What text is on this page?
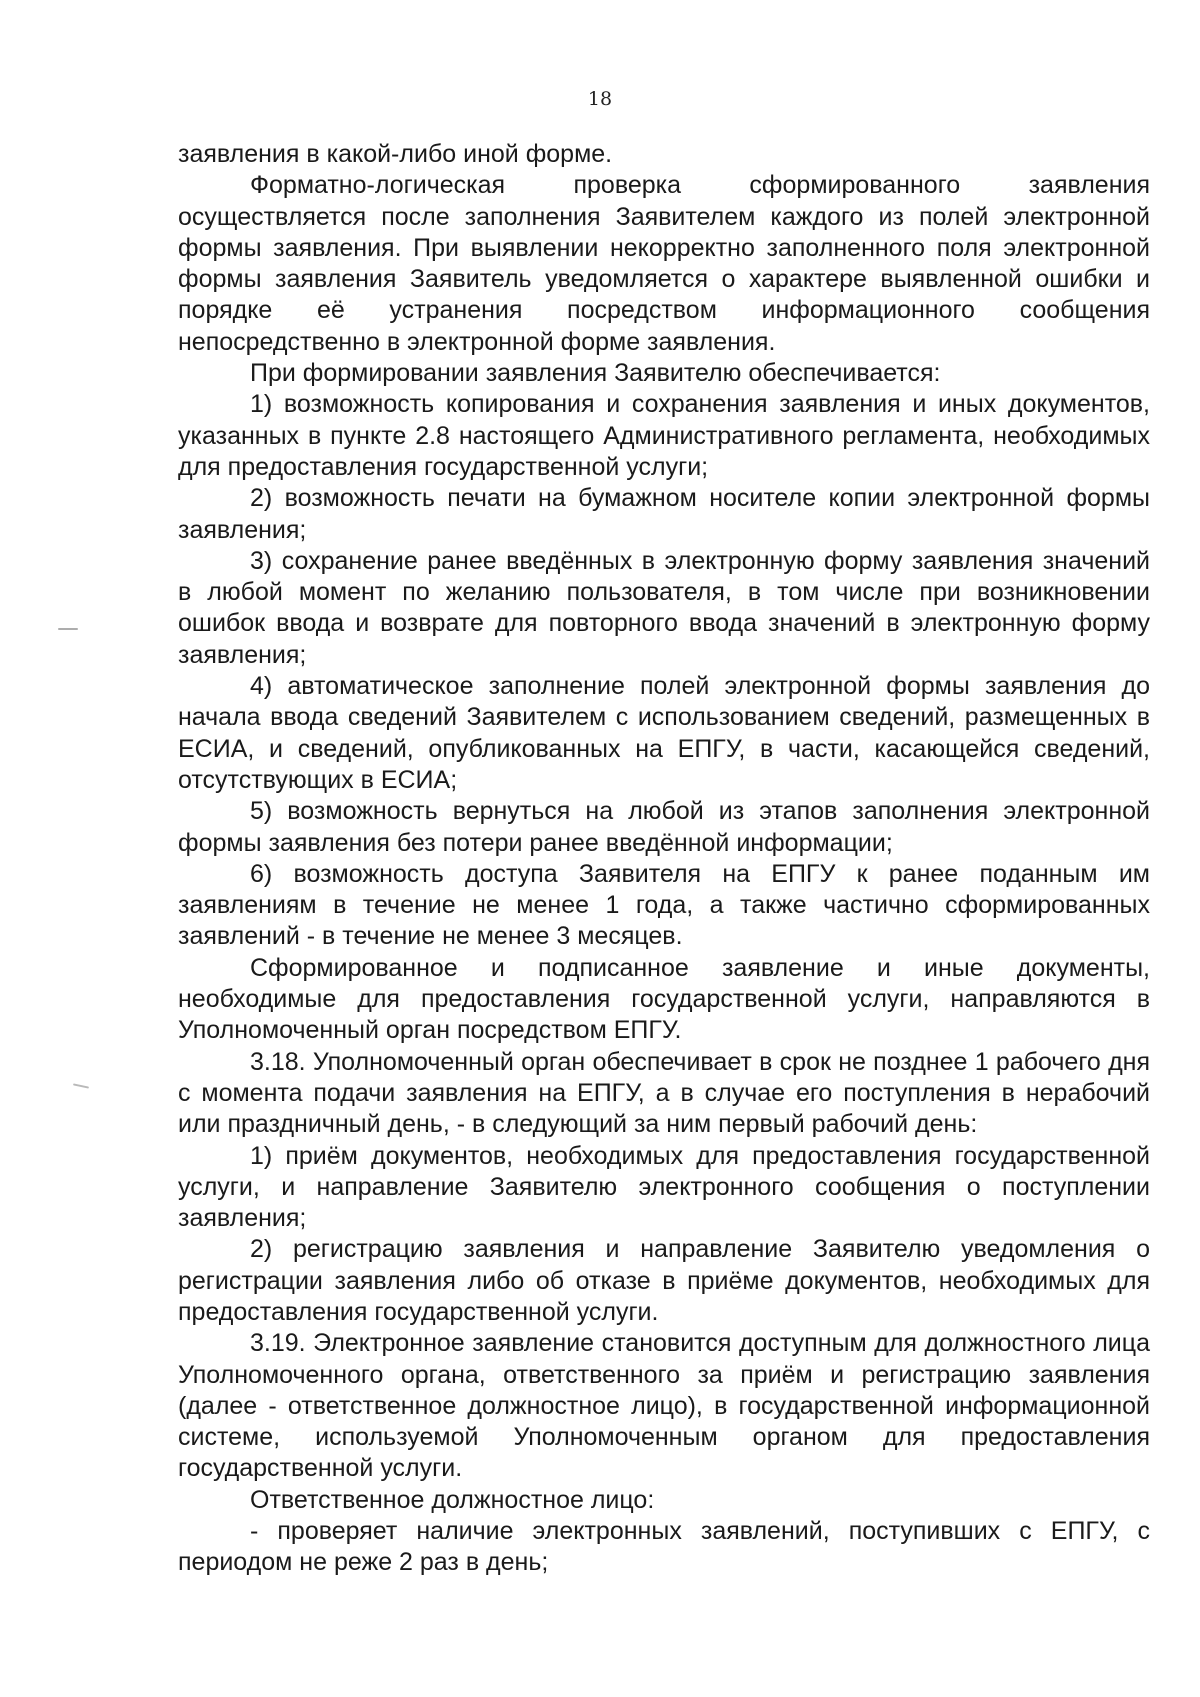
18

заявления в какой-либо иной форме.

Форматно-логическая проверка сформированного заявления осуществляется после заполнения Заявителем каждого из полей электронной формы заявления. При выявлении некорректно заполненного поля электронной формы заявления Заявитель уведомляется о характере выявленной ошибки и порядке её устранения посредством информационного сообщения непосредственно в электронной форме заявления.

При формировании заявления Заявителю обеспечивается:

1) возможность копирования и сохранения заявления и иных документов, указанных в пункте 2.8 настоящего Административного регламента, необходимых для предоставления государственной услуги;

2) возможность печати на бумажном носителе копии электронной формы заявления;

3) сохранение ранее введённых в электронную форму заявления значений в любой момент по желанию пользователя, в том числе при возникновении ошибок ввода и возврате для повторного ввода значений в электронную форму заявления;

4) автоматическое заполнение полей электронной формы заявления до начала ввода сведений Заявителем с использованием сведений, размещенных в ЕСИА, и сведений, опубликованных на ЕПГУ, в части, касающейся сведений, отсутствующих в ЕСИА;

5) возможность вернуться на любой из этапов заполнения электронной формы заявления без потери ранее введённой информации;

6) возможность доступа Заявителя на ЕПГУ к ранее поданным им заявлениям в течение не менее 1 года, а также частично сформированных заявлений - в течение не менее 3 месяцев.

Сформированное и подписанное заявление и иные документы, необходимые для предоставления государственной услуги, направляются в Уполномоченный орган посредством ЕПГУ.

3.18. Уполномоченный орган обеспечивает в срок не позднее 1 рабочего дня с момента подачи заявления на ЕПГУ, а в случае его поступления в нерабочий или праздничный день, - в следующий за ним первый рабочий день:

1) приём документов, необходимых для предоставления государственной услуги, и направление Заявителю электронного сообщения о поступлении заявления;

2) регистрацию заявления и направление Заявителю уведомления о регистрации заявления либо об отказе в приёме документов, необходимых для предоставления государственной услуги.

3.19. Электронное заявление становится доступным для должностного лица Уполномоченного органа, ответственного за приём и регистрацию заявления (далее - ответственное должностное лицо), в государственной информационной системе, используемой Уполномоченным органом для предоставления государственной услуги.

Ответственное должностное лицо:

- проверяет наличие электронных заявлений, поступивших с ЕПГУ, с периодом не реже 2 раз в день;
